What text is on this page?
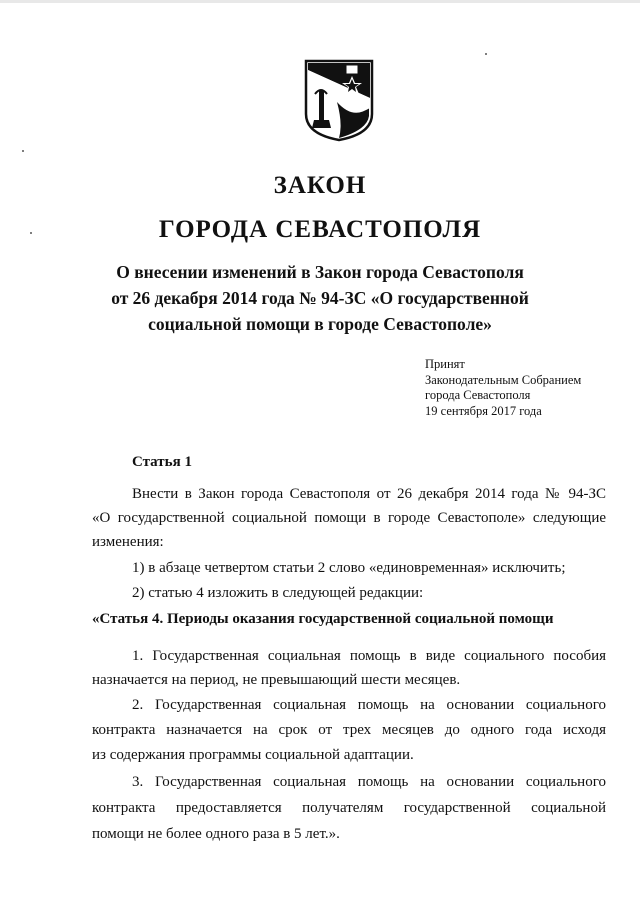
ЗАКОН
ГОРОДА СЕВАСТОПОЛЯ
О внесении изменений в Закон города Севастополя
от 26 декабря 2014 года № 94-ЗС «О государственной
социальной помощи в городе Севастополе»
Принят
Законодательным Собранием
города Севастополя
19 сентября 2017 года
Статья 1
Внести в Закон города Севастополя от 26 декабря 2014 года № 94-ЗС
«О государственной социальной помощи в городе Севастополе» следующие
изменения:
1) в абзаце четвертом статьи 2 слово «единовременная» исключить;
2) статью 4 изложить в следующей редакции:
«Статья 4. Периоды оказания государственной социальной помощи
1. Государственная социальная помощь в виде социального пособия
назначается на период, не превышающий шести месяцев.
2. Государственная социальная помощь на основании социального
контракта назначается на срок от трех месяцев до одного года исходя
из содержания программы социальной адаптации.
3. Государственная социальная помощь на основании социального
контракта предоставляется получателям государственной социальной
помощи не более одного раза в 5 лет.».
